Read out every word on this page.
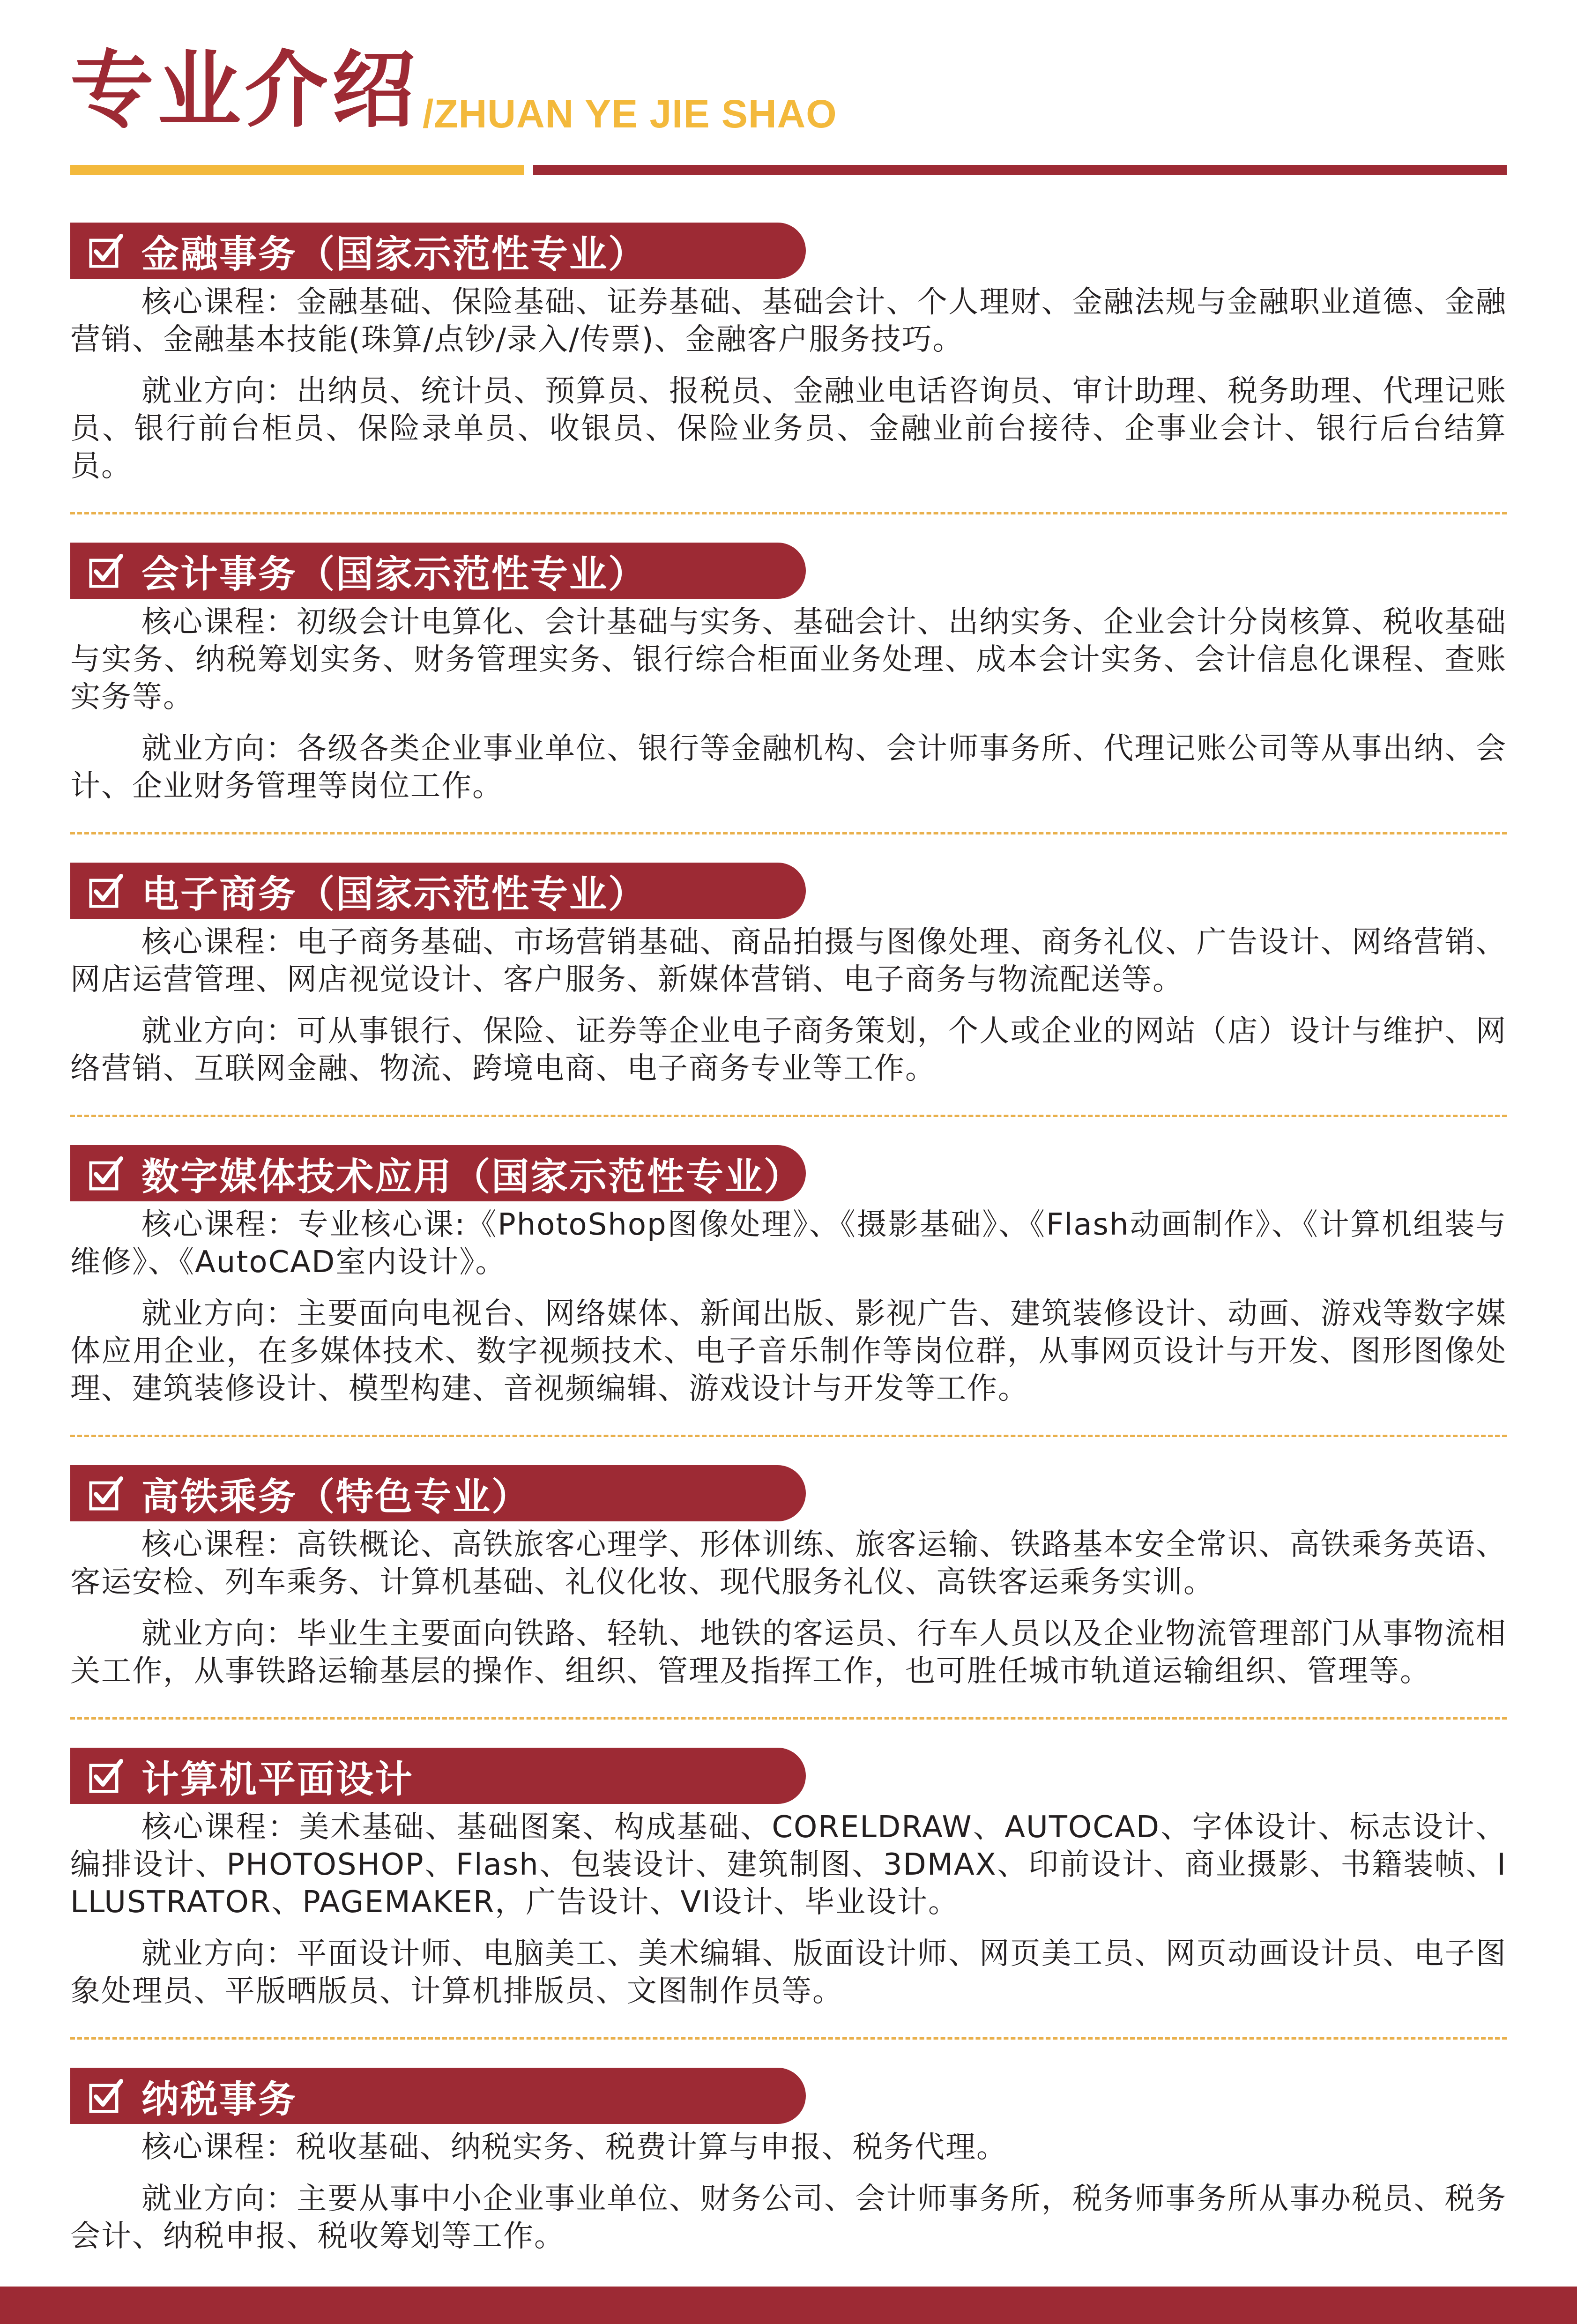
专业介绍 /ZHUAN YE JIE SHAO
金融事务（国家示范性专业）

核心课程：金融基础、保险基础、证券基础、基础会计、个人理财、金融法规与金融职业道德、金融营销、金融基本技能(珠算/点钞/录入/传票)、金融客户服务技巧。

就业方向：出纳员、统计员、预算员、报税员、金融业电话咨询员、审计助理、税务助理、代理记账员、银行前台柜员、保险录单员、收银员、保险业务员、金融业前台接待、企事业会计、银行后台结算员。

会计事务（国家示范性专业）

核心课程：初级会计电算化、会计基础与实务、基础会计、出纳实务、企业会计分岗核算、税收基础与实务、纳税筹划实务、财务管理实务、银行综合柜面业务处理、成本会计实务、会计信息化课程、查账实务等。

就业方向：各级各类企业事业单位、银行等金融机构、会计师事务所、代理记账公司等从事出纳、会计、企业财务管理等岗位工作。

电子商务（国家示范性专业）

核心课程：电子商务基础、市场营销基础、商品拍摄与图像处理、商务礼仪、广告设计、网络营销、网店运营管理、网店视觉设计、客户服务、新媒体营销、电子商务与物流配送等。

就业方向：可从事银行、保险、证券等企业电子商务策划，个人或企业的网站（店）设计与维护、网络营销、互联网金融、物流、跨境电商、电子商务专业等工作。

数字媒体技术应用（国家示范性专业）

核心课程：专业核心课:《PhotoShop图像处理》、《摄影基础》、《Flash动画制作》、《计算机组装与维修》、《AutoCAD室内设计》。

就业方向：主要面向电视台、网络媒体、新闻出版、影视广告、建筑装修设计、动画、游戏等数字媒体应用企业，在多媒体技术、数字视频技术、电子音乐制作等岗位群，从事网页设计与开发、图形图像处理、建筑装修设计、模型构建、音视频编辑、游戏设计与开发等工作。

高铁乘务（特色专业）

核心课程：高铁概论、高铁旅客心理学、形体训练、旅客运输、铁路基本安全常识、高铁乘务英语、客运安检、列车乘务、计算机基础、礼仪化妆、现代服务礼仪、高铁客运乘务实训。

就业方向：毕业生主要面向铁路、轻轨、地铁的客运员、行车人员以及企业物流管理部门从事物流相关工作，从事铁路运输基层的操作、组织、管理及指挥工作，也可胜任城市轨道运输组织、管理等。

计算机平面设计

核心课程：美术基础、基础图案、构成基础、CORELDRAW、AUTOCAD、字体设计、标志设计、编排设计、PHOTOSHOP、Flash、包装设计、建筑制图、3DMAX、印前设计、商业摄影、书籍装帧、ILLUSTRATOR、PAGEMAKER，广告设计、VI设计、毕业设计。

就业方向：平面设计师、电脑美工、美术编辑、版面设计师、网页美工员、网页动画设计员、电子图象处理员、平版晒版员、计算机排版员、文图制作员等。

纳税事务

核心课程：税收基础、纳税实务、税费计算与申报、税务代理。

就业方向：主要从事中小企业事业单位、财务公司、会计师事务所，税务师事务所从事办税员、税务会计、纳税申报、税收筹划等工作。
